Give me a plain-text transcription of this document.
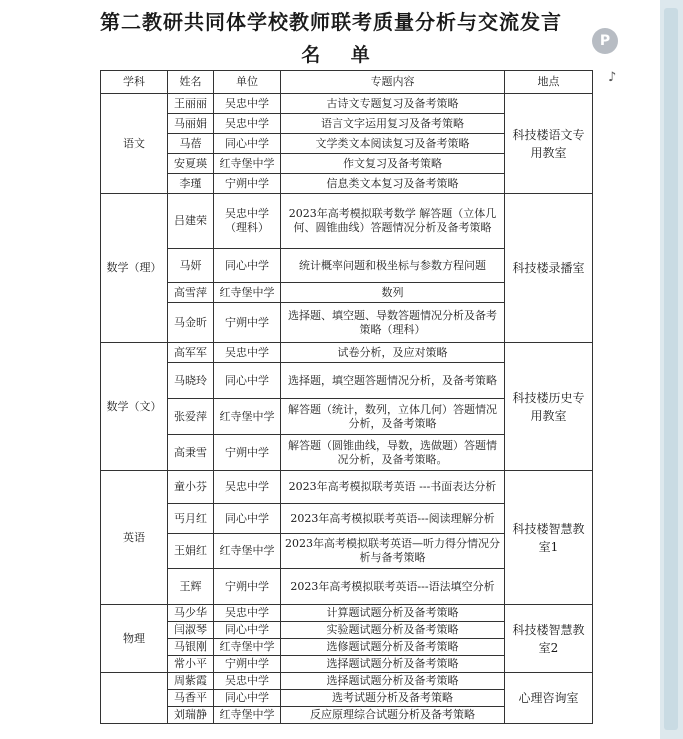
第二教研共同体学校教师联考质量分析与交流发言
名 单
学科	姓名	单位	专题内容	地点
语文	王丽丽	吴忠中学	古诗文专题复习及备考策略	科技楼语文专用教室
	马丽娟	吴忠中学	语言文字运用复习及备考策略	
	马蓓	同心中学	文学类文本阅读复习及备考策略	
	安夏瑛	红寺堡中学	作文复习及备考策略	
	李瑾	宁朔中学	信息类文本复习及备考策略	
数学（理）	吕建荣	吴忠中学（理科）	2023年高考模拟联考数学 解答题（立体几何、圆锥曲线）答题情况分析及备考策略	科技楼录播室
	马妍	同心中学	统计概率问题和极坐标与参数方程问题	
	高雪萍	红寺堡中学	数列	
	马金昕	宁朔中学	选择题、填空题、导数答题情况分析及备考策略（理科）	
数学（文）	高军军	吴忠中学	试卷分析，及应对策略	科技楼历史专用教室
	马晓玲	同心中学	选择题，填空题答题情况分析，及备考策略	
	张爱萍	红寺堡中学	解答题（统计，数列，立体几何）答题情况分析，及备考策略	
	高秉雪	宁朔中学	解答题（圆锥曲线，导数，选做题）答题情况分析，及备考策略。	
英语	童小芬	吴忠中学	2023年高考模拟联考英语 ---书面表达分析	科技楼智慧教室1
	丐月红	同心中学	2023年高考模拟联考英语---阅读理解分析	
	王娟红	红寺堡中学	2023年高考模拟联考英语—听力得分情况分析与备考策略	
	王辉	宁朔中学	2023年高考模拟联考英语---语法填空分析	
物理	马少华	吴忠中学	计算题试题分析及备考策略	科技楼智慧教室2
	闫淑琴	同心中学	实验题试题分析及备考策略	
	马银刚	红寺堡中学	选修题试题分析及备考策略	
	常小平	宁朔中学	选择题试题分析及备考策略	
	周紫霞	吴忠中学	选择题试题分析及备考策略	心理咨询室
	马香平	同心中学	选考试题分析及备考策略	
	刘瑞静	红寺堡中学	反应原理综合试题分析及备考策略	
P
♪
